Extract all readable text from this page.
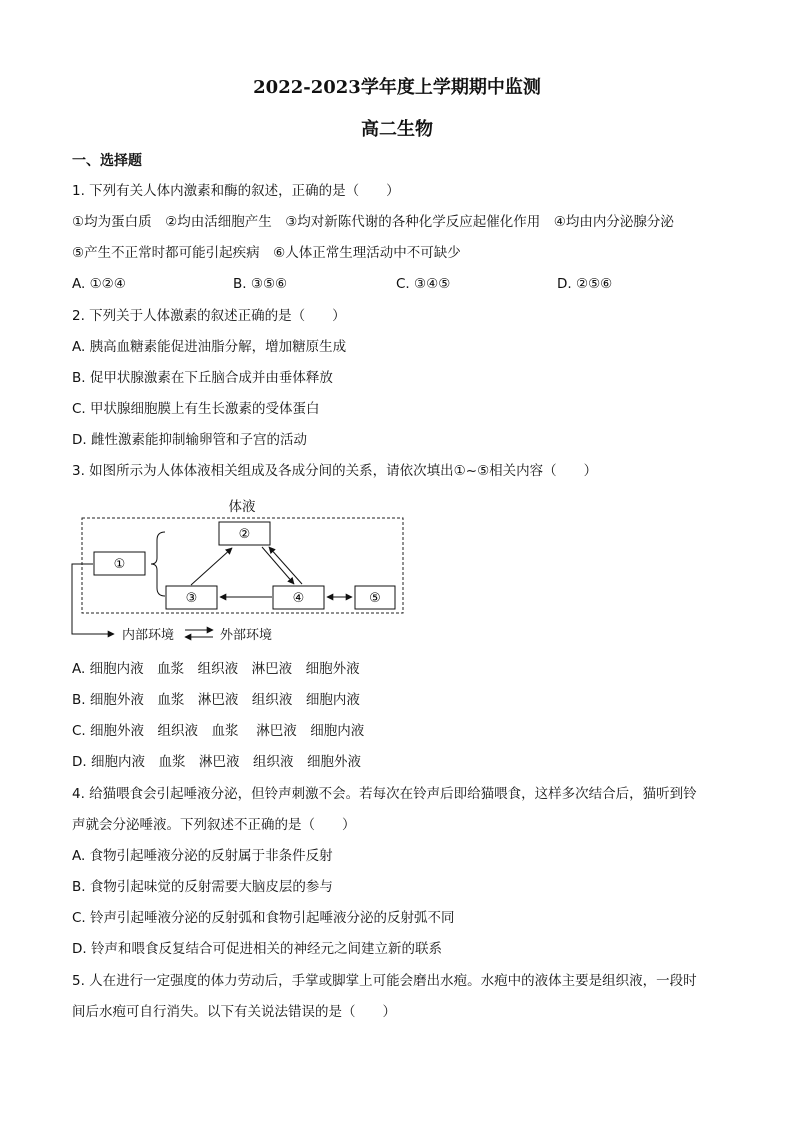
2022-2023学年度上学期期中监测
高二生物
一、选择题
1. 下列有关人体内激素和酶的叙述，正确的是（　　）
①均为蛋白质　②均由活细胞产生　③均对新陈代谢的各种化学反应起催化作用　④均由内分泌腺分泌
⑤产生不正常时都可能引起疾病　⑥人体正常生理活动中不可缺少
A. ①②④	B. ③⑤⑥	C. ③④⑤	D. ②⑤⑥
2. 下列关于人体激素的叙述正确的是（　　）
A. 胰高血糖素能促进油脂分解，增加糖原生成
B. 促甲状腺激素在下丘脑合成并由垂体释放
C. 甲状腺细胞膜上有生长激素的受体蛋白
D. 雌性激素能抑制输卵管和子宫的活动
3. 如图所示为人体体液相关组成及各成分间的关系，请依次填出①~⑤相关内容（　　）
体液
①
②
③	④	⑤
内部环境	外部环境
A. 细胞内液　血浆　组织液　淋巴液　细胞外液
B. 细胞外液　血浆　淋巴液　组织液　细胞内液
C. 细胞外液　组织液　血浆　 淋巴液　细胞内液
D. 细胞内液　血浆　淋巴液　组织液　细胞外液
4. 给猫喂食会引起唾液分泌，但铃声刺激不会。若每次在铃声后即给猫喂食，这样多次结合后，猫听到铃
声就会分泌唾液。下列叙述不正确的是（　　）
A. 食物引起唾液分泌的反射属于非条件反射
B. 食物引起味觉的反射需要大脑皮层的参与
C. 铃声引起唾液分泌的反射弧和食物引起唾液分泌的反射弧不同
D. 铃声和喂食反复结合可促进相关的神经元之间建立新的联系
5. 人在进行一定强度的体力劳动后，手掌或脚掌上可能会磨出水疱。水疱中的液体主要是组织液，一段时
间后水疱可自行消失。以下有关说法错误的是（　　）
